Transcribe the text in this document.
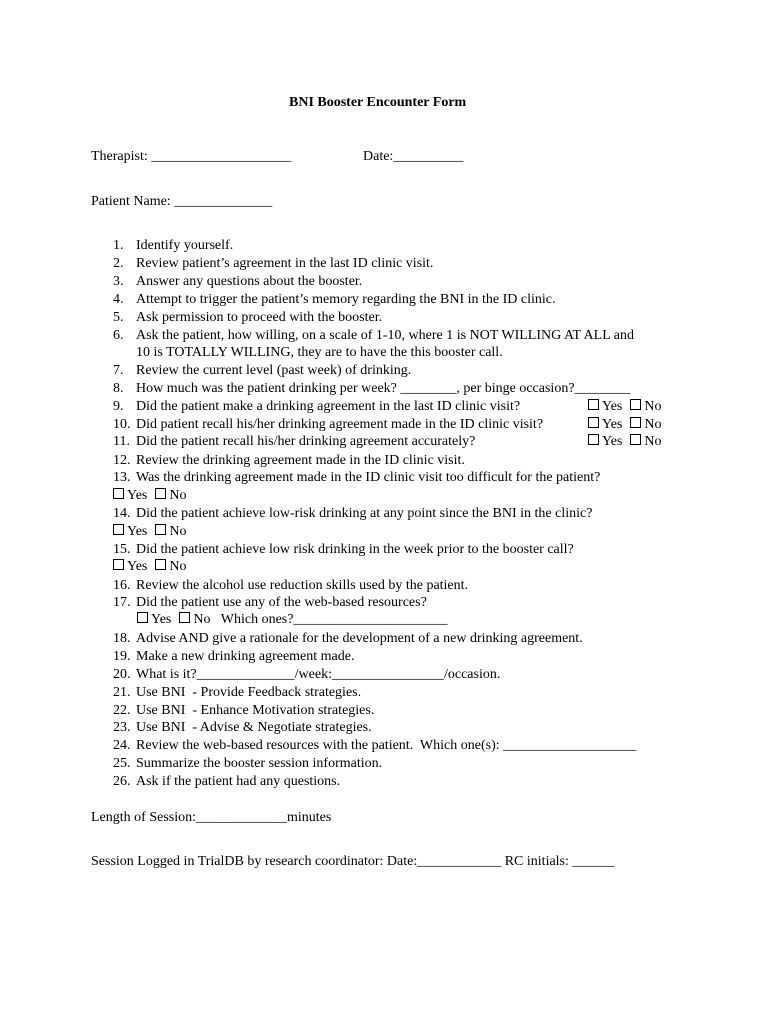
BNI Booster Encounter Form
Therapist: ____________________	Date:__________
Patient Name: ______________
1. Identify yourself.
2. Review patient’s agreement in the last ID clinic visit.
3. Answer any questions about the booster.
4. Attempt to trigger the patient’s memory regarding the BNI in the ID clinic.
5. Ask permission to proceed with the booster.
6. Ask the patient, how willing, on a scale of 1-10, where 1 is NOT WILLING AT ALL and
10 is TOTALLY WILLING, they are to have the this booster call.
7. Review the current level (past week) of drinking.
8. How much was the patient drinking per week? ________, per binge occasion?________
9. Did the patient make a drinking agreement in the last ID clinic visit?	Yes No
10. Did patient recall his/her drinking agreement made in the ID clinic visit?	Yes No
11. Did the patient recall his/her drinking agreement accurately?	Yes No
12. Review the drinking agreement made in the ID clinic visit.
13. Was the drinking agreement made in the ID clinic visit too difficult for the patient?
Yes No
14. Did the patient achieve low-risk drinking at any point since the BNI in the clinic?
Yes No
15. Did the patient achieve low risk drinking in the week prior to the booster call?
Yes No
16. Review the alcohol use reduction skills used by the patient.
17. Did the patient use any of the web-based resources?
Yes No Which ones?______________________
18. Advise AND give a rationale for the development of a new drinking agreement.
19. Make a new drinking agreement made.
20. What is it?______________/week:________________/occasion.
21. Use BNI  - Provide Feedback strategies.
22. Use BNI  - Enhance Motivation strategies.
23. Use BNI  - Advise & Negotiate strategies.
24. Review the web-based resources with the patient.  Which one(s): ___________________
25. Summarize the booster session information.
26. Ask if the patient had any questions.
Length of Session:_____________minutes
Session Logged in TrialDB by research coordinator: Date:____________ RC initials: ______
